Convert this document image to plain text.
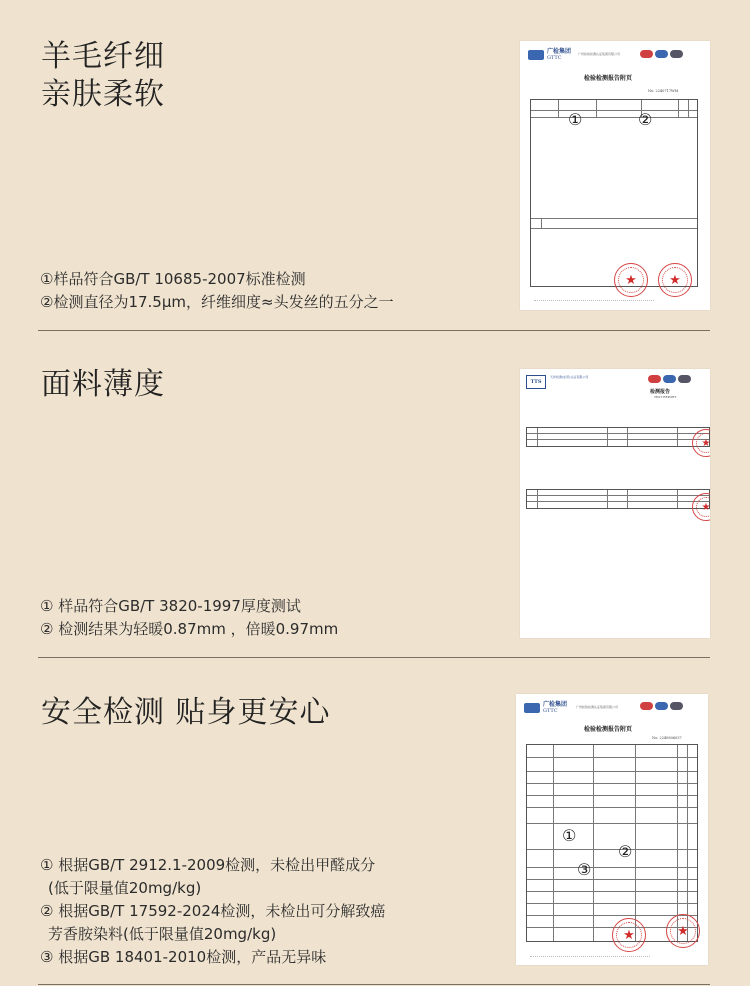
羊毛纤细
亲肤柔软
①样品符合GB/T 10685-2007标准检测
②检测直径为17.5μm，纤维细度≈头发丝的五分之一
广检集团
GTTC
广州检验检测认证集团有限公司
检验检测报告附页
No: 2240717WM
①	②
★	★
面料薄度
① 样品符合GB/T 3820-1997厚度测试
② 检测结果为轻暖0.87mm ，倍暖0.97mm
TTS
天祥检测(东莞)认证有限公司
检测报告
TEST REPORT
★
★
安全检测 贴身更安心
① 根据GB/T 2912.1-2009检测，未检出甲醛成分
(低于限量值20mg/kg)
② 根据GB/T 17592-2024检测，未检出可分解致癌
芳香胺染料(低于限量值20mg/kg)
③ 根据GB 18401-2010检测，产品无异味
广检集团
GTTC
广州检验检测认证集团有限公司
检验检测报告附页
No: 2240806037
①
②
③
★	★
